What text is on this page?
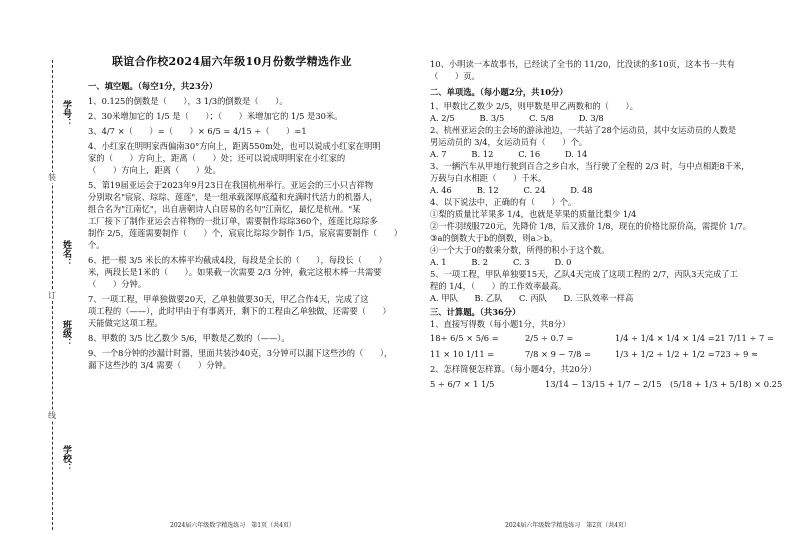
学号：
姓名：
班级：
学校：
装
订
线
联谊合作校2024届六年级10月份数学精选作业

一、填空题。（每空1分，共23分）

1、0.125的倒数是（　　），3 1/3的倒数是（　　）。

2、30米增加它的 1/5 是（　　）；（　　）米增加它的 1/5 是30米。

3、4/7 ×（　　）=（　　）× 6/5 = 4/15 ÷（　　）=1

4、小红家在明明家西偏南30°方向上，距离550m处，也可以说成小红家在明明

家的（　　）方向上，距离（　　）处；还可以说成明明家在小红家的

（　　）方向上，距离（　　）处。

5、第19届亚运会于2023年9月23日在我国杭州举行。亚运会的三小只吉祥物

分别取名"宸宸、琮琮、莲莲"，是一组承载深厚底蕴和充满时代活力的机器人，

组合名为"江南忆"，出自唐朝诗人白居易的名句"江南忆，最忆是杭州。"某

工厂接下了制作亚运会吉祥物的一批订单，需要制作琮琮360个，莲莲比琮琮多

制作 2/5，莲莲需要制作（　　）个，宸宸比琮琮少制作 1/5，宸宸需要制作（　　）

个。

6、把一根 3/5 米长的木棒平均截成4段，每段是全长的（　　），每段长（　　）

米，两段长是1米的（　　）。如果截一次需要 2/3 分钟，截完这根木棒一共需要

（　　）分钟。

7、一项工程，甲单独做要20天，乙单独做要30天，甲乙合作4天，完成了这

项工程的（——），此时甲由于有事离开，剩下的工程由乙单独做，还需要（　　）

天能做完这项工程。

8、甲数的 3/5 比乙数少 5/6，甲数是乙数的（——）。

9、一个8分钟的沙漏计时器，里面共装沙40克，3分钟可以漏下这些沙的（　　），

漏下这些沙的 3/4 需要（　　）分钟。

2024届六年级数学精选练习　第1页（共4页）

10、小明读一本故事书，已经读了全书的 11/20，比没读的多10页，这本书一共有

（　　）页。

二、单项选。（每小题2分，共10分）

1、甲数比乙数少 2/5，则甲数是甲乙两数和的（　　）。

A. 2/5　　　B. 3/5　　　C. 5/8　　　D. 3/8

2、杭州亚运会的主会场的游泳池边，一共站了28个运动员，其中女运动员的人数是

男运动员的 3/4，女运动员有（　　）个。

A. 7　　　B. 12　　　C. 16　　　D. 14

3、一辆汽车从甲地行驶到百合之乡白水，当行驶了全程的 2/3 时，与中点相距8千米，

万载与白水相距（　　）千米。

A. 46　　　B. 12　　　C. 24　　　D. 48

4、以下说法中，正确的有（　　）个。

①梨的质量比苹果多 1/4，也就是苹果的质量比梨少 1/4

②一件羽绒服720元，先降价 1/8，后又涨价 1/8，现在的价格比原价高，需提价 1/7。

③a的倒数大于b的倒数，则a＞b。

④一个大于0的数乘分数，所得的积小于这个数。

A. 1　　　B. 2　　　C. 3　　　D. 0

5、一项工程，甲队单独要15天，乙队4天完成了这项工程的 2/7，丙队3天完成了工

程的 1/4，（　　）的工作效率最高。

A. 甲队　　B. 乙队　　C. 丙队　　D. 三队效率一样高

三、计算题。（共36分）

1、直接写得数（每小题1分，共8分）

18÷ 6/5 × 5/6 =	2/5 ÷ 0.7 =	1/4 ÷ 1/4 × 1/4 × 1/4 = 21 7/11 ÷ 7 =
11 × 10 1/11 =	7/8 × 9 − 7/8 =	1/3 + 1/2 ÷ 1/2 + 1/2 = 723 ÷ 9 ≈

2、怎样简便怎样算。（每小题4分，共20分）

5 ÷ 6/7 × 1 1/5	13/14 − 13/15 + 1/7 − 2/15	(5/18 + 1/3 + 5/18) × 0.25
2024届六年级数学精选练习　第2页（共4页）
